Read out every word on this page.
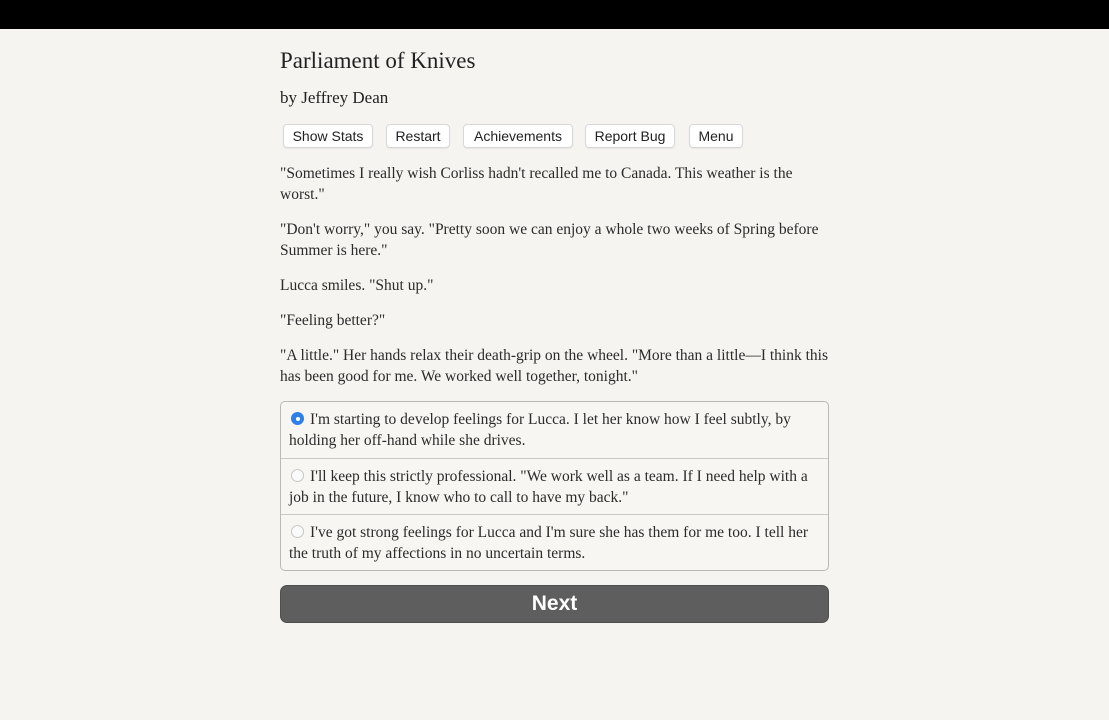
Parliament of Knives
by Jeffrey Dean
Show Stats	Restart	Achievements	Report Bug	Menu

"Sometimes I really wish Corliss hadn't recalled me to Canada. This weather is the worst."

"Don't worry," you say. "Pretty soon we can enjoy a whole two weeks of Spring before Summer is here."

Lucca smiles. "Shut up."

"Feeling better?"

"A little." Her hands relax their death-grip on the wheel. "More than a little—I think this has been good for me. We worked well together, tonight."

I'm starting to develop feelings for Lucca. I let her know how I feel subtly, by holding her off-hand while she drives.
I'll keep this strictly professional. "We work well as a team. If I need help with a job in the future, I know who to call to have my back."
I've got strong feelings for Lucca and I'm sure she has them for me too. I tell her the truth of my affections in no uncertain terms.
Next
